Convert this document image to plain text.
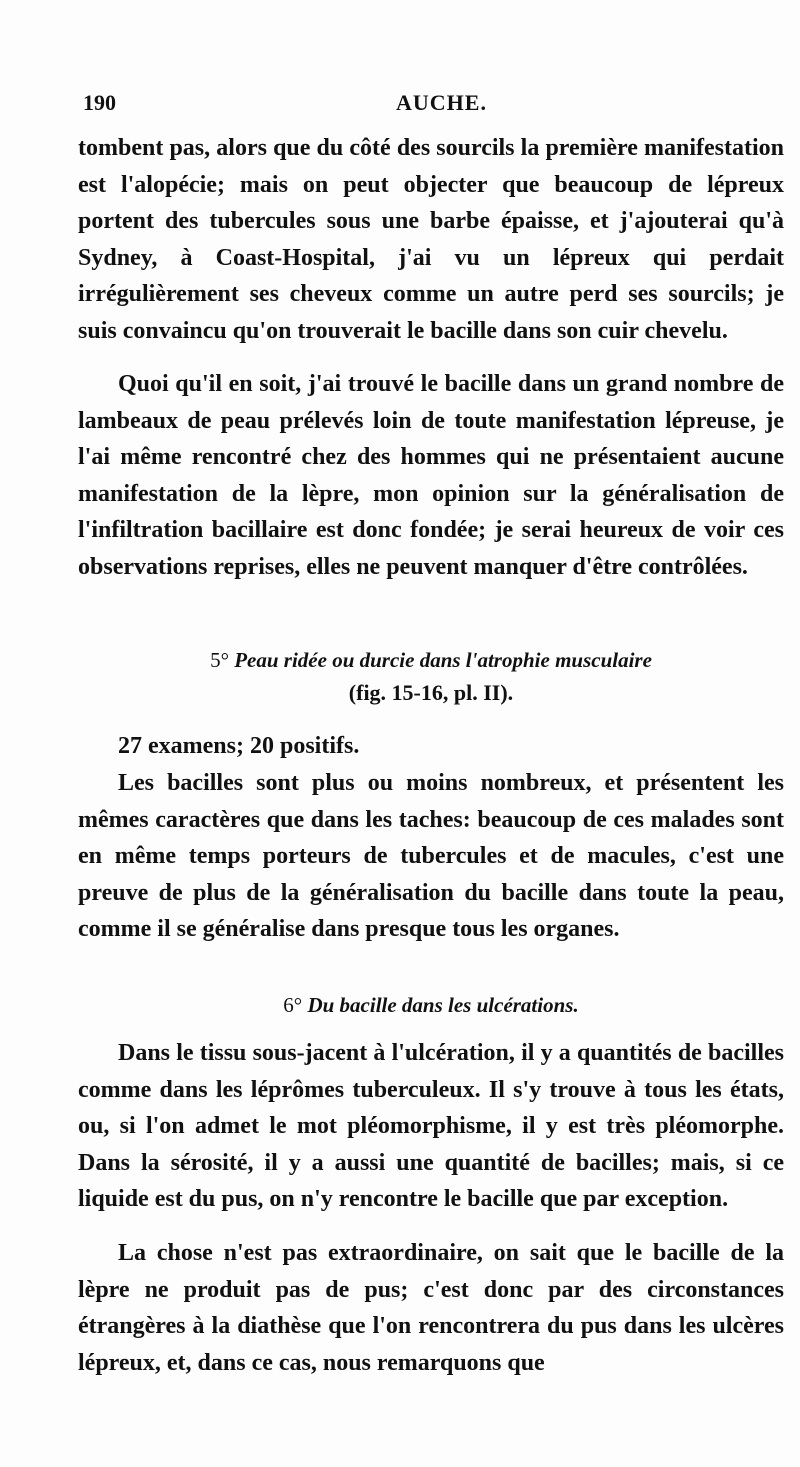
190	AUCHE.

tombent pas, alors que du côté des sourcils la première manifestation est l'alopécie; mais on peut objecter que beaucoup de lépreux portent des tubercules sous une barbe épaisse, et j'ajouterai qu'à Sydney, à Coast-Hospital, j'ai vu un lépreux qui perdait irrégulièrement ses cheveux comme un autre perd ses sourcils; je suis convaincu qu'on trouverait le bacille dans son cuir chevelu.

Quoi qu'il en soit, j'ai trouvé le bacille dans un grand nombre de lambeaux de peau prélevés loin de toute manifestation lépreuse, je l'ai même rencontré chez des hommes qui ne présentaient aucune manifestation de la lèpre, mon opinion sur la généralisation de l'infiltration bacillaire est donc fondée; je serai heureux de voir ces observations reprises, elles ne peuvent manquer d'être contrôlées.

5° Peau ridée ou durcie dans l'atrophie musculaire
(fig. 15-16, pl. II).

27 examens; 20 positifs.

Les bacilles sont plus ou moins nombreux, et présentent les mêmes caractères que dans les taches: beaucoup de ces malades sont en même temps porteurs de tubercules et de macules, c'est une preuve de plus de la généralisation du bacille dans toute la peau, comme il se généralise dans presque tous les organes.

6° Du bacille dans les ulcérations.

Dans le tissu sous-jacent à l'ulcération, il y a quantités de bacilles comme dans les léprômes tuberculeux. Il s'y trouve à tous les états, ou, si l'on admet le mot pléomorphisme, il y est très pléomorphe. Dans la sérosité, il y a aussi une quantité de bacilles; mais, si ce liquide est du pus, on n'y rencontre le bacille que par exception.

La chose n'est pas extraordinaire, on sait que le bacille de la lèpre ne produit pas de pus; c'est donc par des circonstances étrangères à la diathèse que l'on rencontrera du pus dans les ulcères lépreux, et, dans ce cas, nous remarquons que
